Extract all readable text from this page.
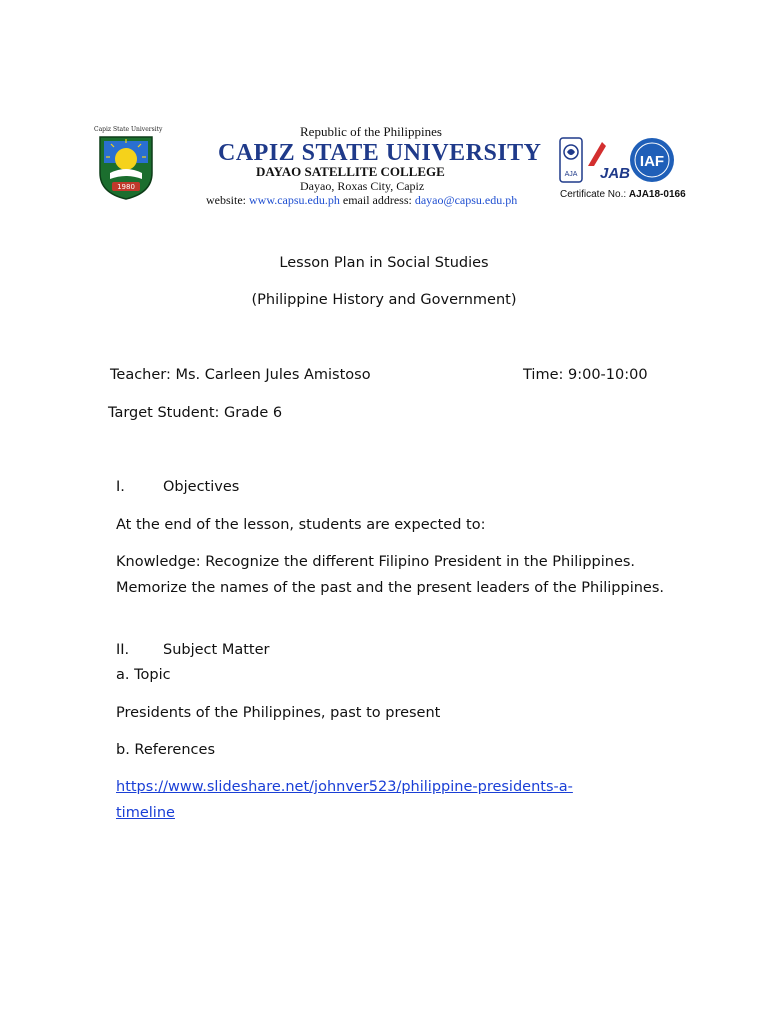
Capiz State University
1980
Republic of the Philippines
CAPIZ STATE UNIVERSITY
DAYAO SATELLITE COLLEGE
Dayao, Roxas City, Capiz
website: www.capsu.edu.ph email address: dayao@capsu.edu.ph
AJA JAB
IAF
Certificate No.: AJA18-0166
Lesson Plan in Social Studies
(Philippine History and Government)
Teacher: Ms. Carleen Jules Amistoso	Time: 9:00-10:00
Target Student: Grade 6
I.	Objectives
At the end of the lesson, students are expected to:
Knowledge: Recognize the different Filipino President in the Philippines. Memorize the names of the past and the present leaders of the Philippines.
II. Subject Matter
a. Topic
Presidents of the Philippines, past to present
b. References
https://www.slideshare.net/johnver523/philippine-presidents-a-
timeline
